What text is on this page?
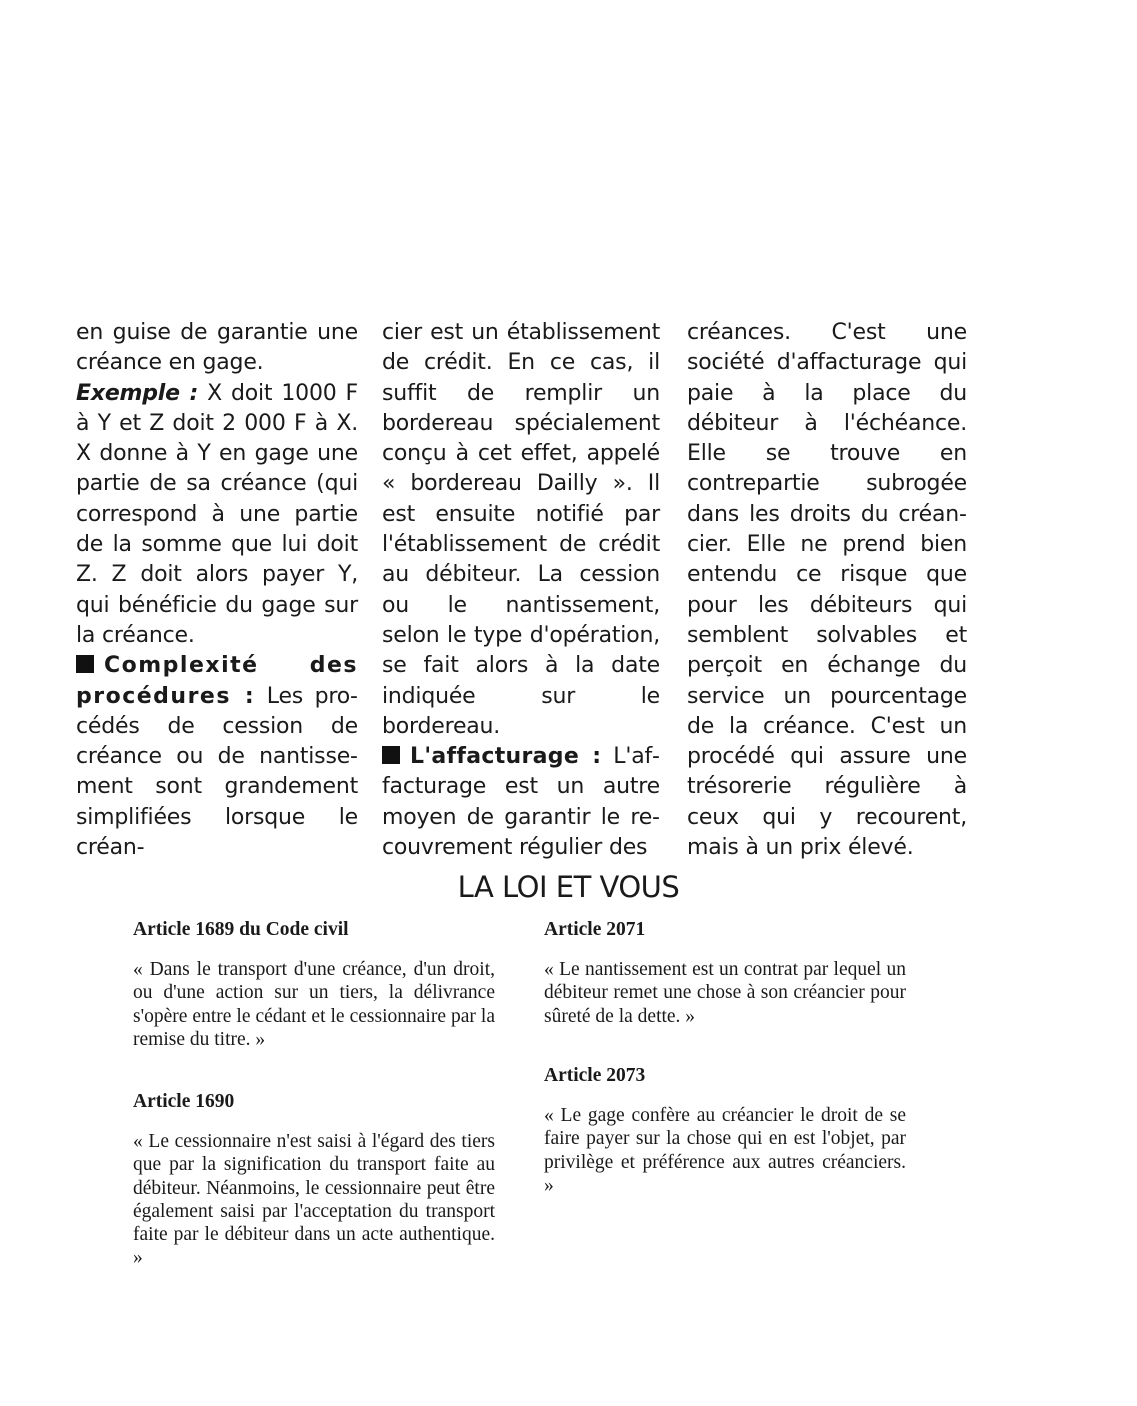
en guise de garantie une créance en gage.

Exemple : X doit 1000 F à Y et Z doit 2 000 F à X. X donne à Y en gage une partie de sa créance (qui correspond à une partie de la somme que lui doit Z. Z doit alors payer Y, qui bénéficie du gage sur la créance.

Complexité des procédures : Les procédés de cession de créance ou de nantissement sont grandement simplifiées lorsque le créan-

cier est un établissement de crédit. En ce cas, il suffit de remplir un bordereau spécialement conçu à cet effet, appelé « bordereau Dailly ». Il est ensuite notifié par l'établissement de crédit au débiteur. La cession ou le nantissement, selon le type d'opération, se fait alors à la date indiquée sur le bordereau.

L'affacturage : L'affacturage est un autre moyen de garantir le recouvrement régulier des

créances. C'est une société d'affacturage qui paie à la place du débiteur à l'échéance. Elle se trouve en contrepartie subrogée dans les droits du créancier. Elle ne prend bien entendu ce risque que pour les débiteurs qui semblent solvables et perçoit en échange du service un pourcentage de la créance. C'est un procédé qui assure une trésorerie régulière à ceux qui y recourent, mais à un prix élevé.

LA LOI ET VOUS
Article 1689 du Code civil

« Dans le transport d'une créance, d'un droit, ou d'une action sur un tiers, la délivrance s'opère entre le cédant et le cessionnaire par la remise du titre. »

Article 1690

« Le cessionnaire n'est saisi à l'égard des tiers que par la signification du transport faite au débiteur. Néanmoins, le cessionnaire peut être également saisi par l'acceptation du transport faite par le débiteur dans un acte authentique. »

Article 2071

« Le nantissement est un contrat par lequel un débiteur remet une chose à son créancier pour sûreté de la dette. »

Article 2073

« Le gage confère au créancier le droit de se faire payer sur la chose qui en est l'objet, par privilège et préférence aux autres créanciers. »
